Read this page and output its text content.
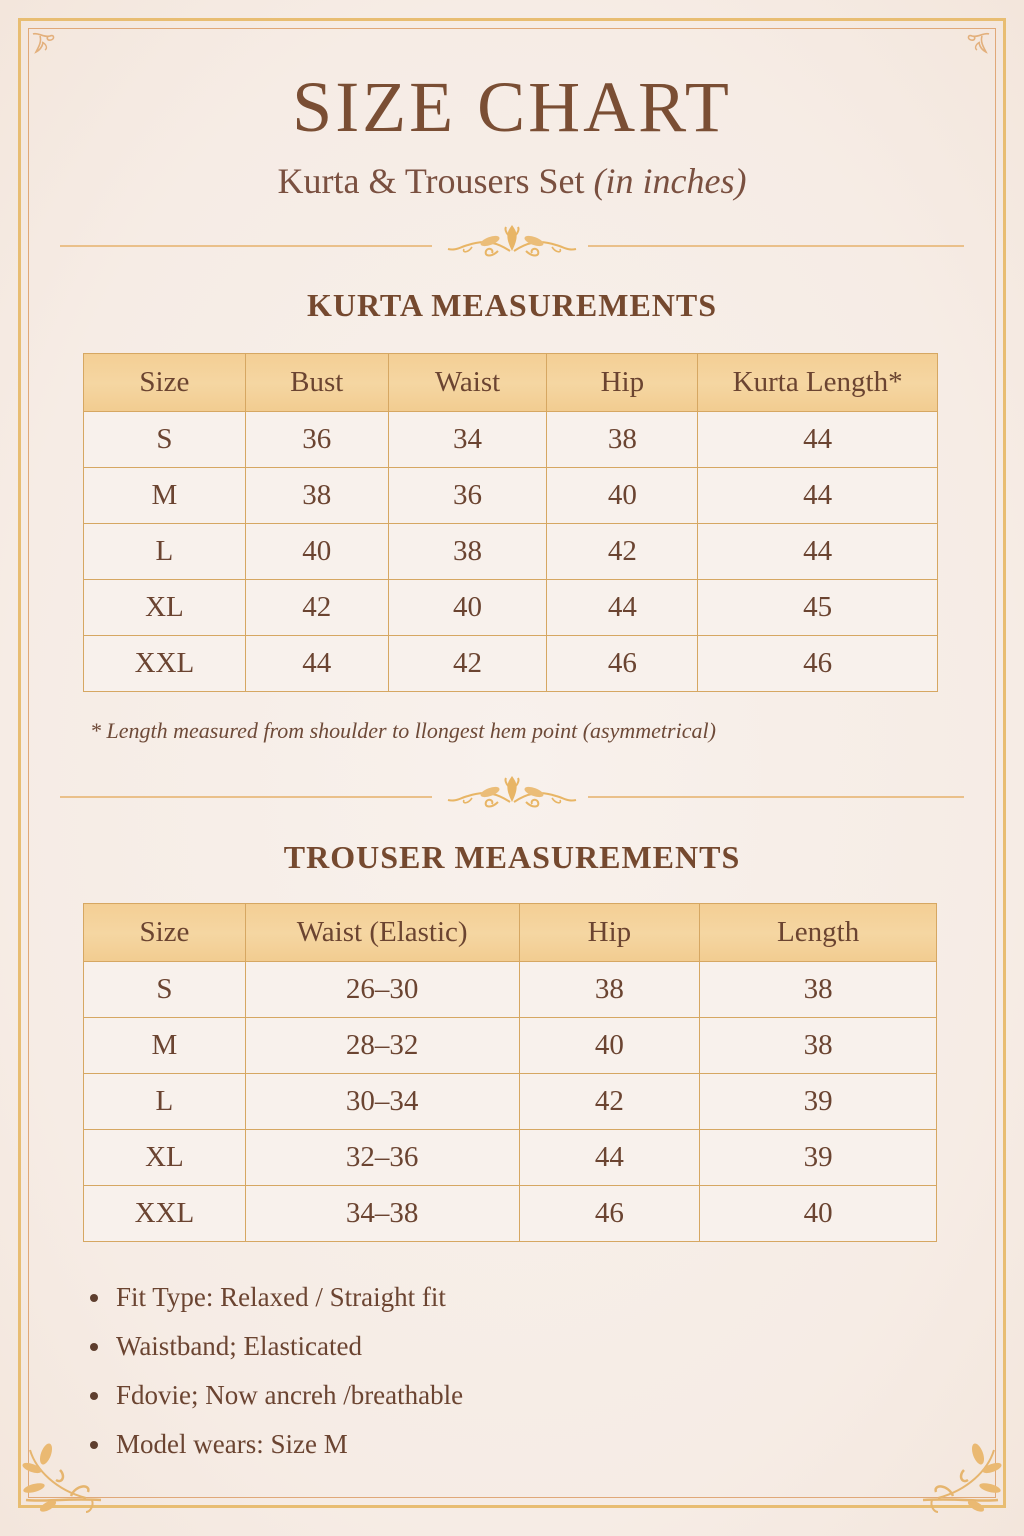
SIZE CHART
Kurta & Trousers Set (in inches)
KURTA MEASUREMENTS
Size	Bust	Waist	Hip	Kurta Length*
S	36	34	38	44
M	38	36	40	44
L	40	38	42	44
XL	42	40	44	45
XXL	44	42	46	46
* Length measured from shoulder to llongest hem point (asymmetrical)
TROUSER MEASUREMENTS
Size	Waist (Elastic)	Hip	Length
S	26–30	38	38
M	28–32	40	38
L	30–34	42	39
XL	32–36	44	39
XXL	34–38	46	40
Fit Type: Relaxed / Straight fit
Waistband; Elasticated
Fdovie; Now ancreh /breathable
Model wears: Size M
